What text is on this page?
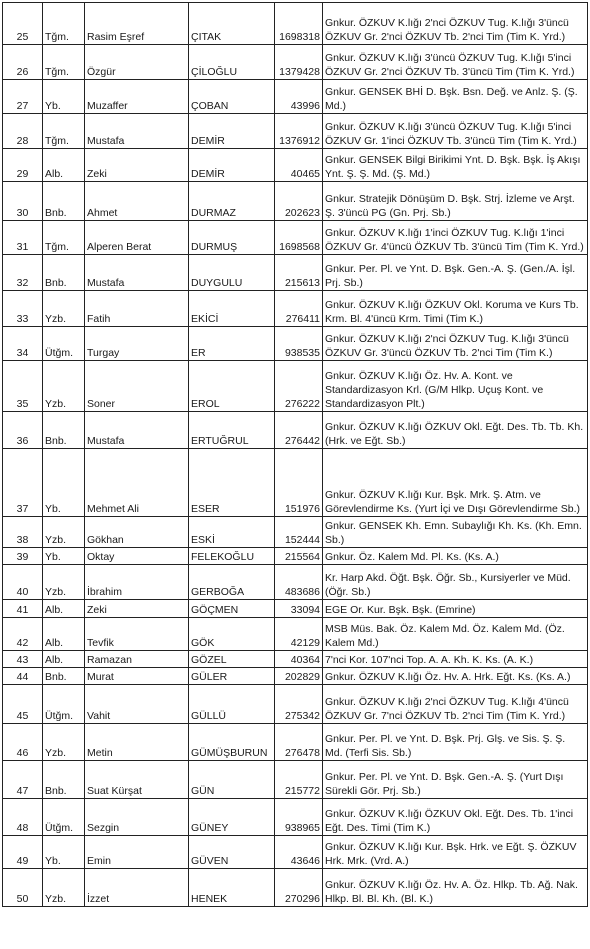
25	Tğm.	Rasim Eşref	ÇITAK	1698318	Gnkur. ÖZKUV K.lığı 2'nci ÖZKUV Tug. K.lığı 3'üncü ÖZKUV Gr. 2'nci ÖZKUV Tb. 2'nci Tim (Tim K. Yrd.)
26	Tğm.	Özgür	ÇİLOĞLU	1379428	Gnkur. ÖZKUV K.lığı 3'üncü ÖZKUV Tug. K.lığı 5'inci ÖZKUV Gr. 2'nci ÖZKUV Tb. 3'üncü Tim (Tim K. Yrd.)
27	Yb.	Muzaffer	ÇOBAN	43996	Gnkur. GENSEK BHİ D. Bşk. Bsn. Değ. ve Anlz. Ş. (Ş. Md.)
28	Tğm.	Mustafa	DEMİR	1376912	Gnkur. ÖZKUV K.lığı 3'üncü ÖZKUV Tug. K.lığı 5'inci ÖZKUV Gr. 1'inci ÖZKUV Tb. 3'üncü Tim (Tim K. Yrd.)
29	Alb.	Zeki	DEMİR	40465	Gnkur. GENSEK Bilgi Birikimi Ynt. D. Bşk. Bşk. İş Akışı Ynt. Ş. Ş. Md. (Ş. Md.)
30	Bnb.	Ahmet	DURMAZ	202623	Gnkur. Stratejik Dönüşüm D. Bşk. Strj. İzleme ve Arşt. Ş. 3'üncü PG (Gn. Prj. Sb.)
31	Tğm.	Alperen Berat	DURMUŞ	1698568	Gnkur. ÖZKUV K.lığı 1'inci ÖZKUV Tug. K.lığı 1'inci ÖZKUV Gr. 4'üncü ÖZKUV Tb. 3'üncü Tim (Tim K. Yrd.)
32	Bnb.	Mustafa	DUYGULU	215613	Gnkur. Per. Pl. ve Ynt. D. Bşk. Gen.-A. Ş. (Gen./A. İşl. Prj. Sb.)
33	Yzb.	Fatih	EKİCİ	276411	Gnkur. ÖZKUV K.lığı ÖZKUV Okl. Koruma ve Kurs Tb. Krm. Bl. 4'üncü Krm. Timi (Tim K.)
34	Ütğm.	Turgay	ER	938535	Gnkur. ÖZKUV K.lığı 2'nci ÖZKUV Tug. K.lığı 3'üncü ÖZKUV Gr. 3'üncü ÖZKUV Tb. 2'nci Tim (Tim K.)
35	Yzb.	Soner	EROL	276222	Gnkur. ÖZKUV K.lığı Öz. Hv. A. Kont. ve Standardizasyon Krl. (G/M Hlkp. Uçuş Kont. ve Standardizasyon Plt.)
36	Bnb.	Mustafa	ERTUĞRUL	276442	Gnkur. ÖZKUV K.lığı ÖZKUV Okl. Eğt. Des. Tb. Tb. Kh. (Hrk. ve Eğt. Sb.)
37	Yb.	Mehmet Ali	ESER	151976	Gnkur. ÖZKUV K.lığı Kur. Bşk. Mrk. Ş. Atm. ve Görevlendirme Ks. (Yurt İçi ve Dışı Görevlendirme Sb.)
38	Yzb.	Gökhan	ESKİ	152444	Gnkur. GENSEK Kh. Emn. Subaylığı Kh. Ks. (Kh. Emn. Sb.)
39	Yb.	Oktay	FELEKOĞLU	215564	Gnkur. Öz. Kalem Md. Pl. Ks. (Ks. A.)
40	Yzb.	İbrahim	GERBOĞA	483686	Kr. Harp Akd. Öğt. Bşk. Öğr. Sb., Kursiyerler ve Müd. (Öğr. Sb.)
41	Alb.	Zeki	GÖÇMEN	33094	EGE Or. Kur. Bşk. Bşk. (Emrine)
42	Alb.	Tevfik	GÖK	42129	MSB Müs. Bak. Öz. Kalem Md. Öz. Kalem Md. (Öz. Kalem Md.)
43	Alb.	Ramazan	GÖZEL	40364	7'nci Kor. 107'nci Top. A. A. Kh. K. Ks. (A. K.)
44	Bnb.	Murat	GÜLER	202829	Gnkur. ÖZKUV K.lığı Öz. Hv. A. Hrk. Eğt. Ks. (Ks. A.)
45	Ütğm.	Vahit	GÜLLÜ	275342	Gnkur. ÖZKUV K.lığı 2'nci ÖZKUV Tug. K.lığı 4'üncü ÖZKUV Gr. 7'nci ÖZKUV Tb. 2'nci Tim (Tim K. Yrd.)
46	Yzb.	Metin	GÜMÜŞBURUN	276478	Gnkur. Per. Pl. ve Ynt. D. Bşk. Prj. Glş. ve Sis. Ş. Ş. Md. (Terfi Sis. Sb.)
47	Bnb.	Suat Kürşat	GÜN	215772	Gnkur. Per. Pl. ve Ynt. D. Bşk. Gen.-A. Ş. (Yurt Dışı Sürekli Gör. Prj. Sb.)
48	Ütğm.	Sezgin	GÜNEY	938965	Gnkur. ÖZKUV K.lığı ÖZKUV Okl. Eğt. Des. Tb. 1'inci Eğt. Des. Timi (Tim K.)
49	Yb.	Emin	GÜVEN	43646	Gnkur. ÖZKUV K.lığı Kur. Bşk. Hrk. ve Eğt. Ş. ÖZKUV Hrk. Mrk. (Vrd. A.)
50	Yzb.	İzzet	HENEK	270296	Gnkur. ÖZKUV K.lığı Öz. Hv. A. Öz. Hlkp. Tb. Ağ. Nak. Hlkp. Bl. Bl. Kh. (Bl. K.)
